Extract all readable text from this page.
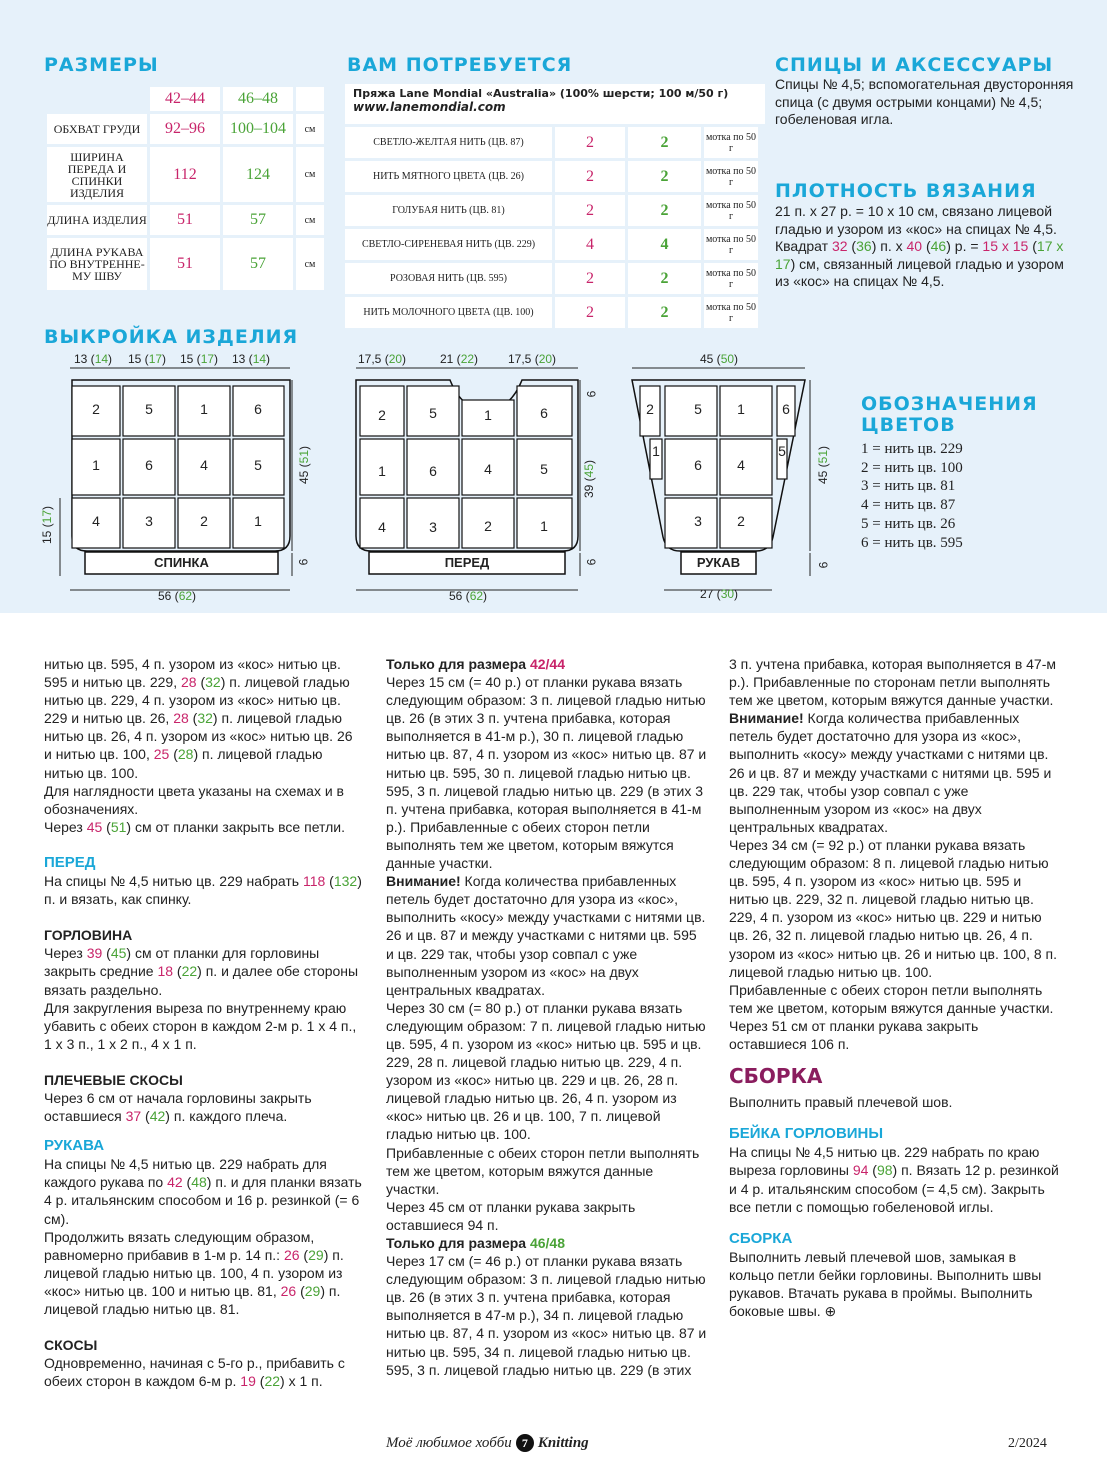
РАЗМЕРЫ
	42–44	46–48	
ОБХВАТ ГРУДИ	92–96	100–104	см
ШИРИНА ПЕРЕДА И СПИНКИ ИЗДЕЛИЯ	112	124	см
ДЛИНА ИЗДЕЛИЯ	51	57	см
ДЛИНА РУКАВА ПО ВНУТРЕННЕ-МУ ШВУ	51	57	см
ВАМ ПОТРЕБУЕТСЯ
Пряжа Lane Mondial «Australia» (100% шерсти; 100 м/50 г)
www.lanemondial.com
СВЕТЛО-ЖЕЛТАЯ НИТЬ (ЦВ. 87)	2	2	мотка по 50 г
НИТЬ МЯТНОГО ЦВЕТА (ЦВ. 26)	2	2	мотка по 50 г
ГОЛУБАЯ НИТЬ (ЦВ. 81)	2	2	мотка по 50 г
СВЕТЛО-СИРЕНЕВАЯ НИТЬ (ЦВ. 229)	4	4	мотка по 50 г
РОЗОВАЯ НИТЬ (ЦВ. 595)	2	2	мотка по 50 г
НИТЬ МОЛОЧНОГО ЦВЕТА (ЦВ. 100)	2	2	мотка по 50 г
СПИЦЫ И АКСЕССУАРЫ
Спицы № 4,5; вспомогательная двусторонняя спица (с двумя острыми концами) № 4,5; гобеленовая игла.
ПЛОТНОСТЬ ВЯЗАНИЯ
21 п. х 27 р. = 10 х 10 см, связано лицевой гладью и узором из «кос» на спицах № 4,5.
Квадрат 32 (36) п. х 40 (46) р. = 15 х 15 (17 х 17) см, связанный лицевой гладью и узором из «кос» на спицах № 4,5.
ОБОЗНАЧЕНИЯ ЦВЕТОВ
1 = нить цв. 229
2 = нить цв. 100
3 = нить цв. 81
4 = нить цв. 87
5 = нить цв. 26
6 = нить цв. 595
ВЫКРОЙКА ИЗДЕЛИЯ
2	5	1	6
1	6	4	5
4	3	2	1
2	5	1	6
1	6	4	5
4	3	2	1
2	5	1	6
1
6	4
5
3	2
СПИНКА	ПЕРЕД	РУКАВ
13 (14) 15 (17) 15 (17) 13 (14)	17,5 (20)	21 (22) 17,5 (20)	45 (50)
56 (62)	56 (62)	27 (30)
45 (51)
39 (45)
45 (51)
15 (17)
6
6
6	6

нитью цв. 595, 4 п. узором из «кос» нитью цв. 595 и нитью цв. 229, 28 (32) п. лицевой гладью нитью цв. 229, 4 п. узором из «кос» нитью цв. 229 и нитью цв. 26, 28 (32) п. лицевой гладью нитью цв. 26, 4 п. узором из «кос» нитью цв. 26 и нитью цв. 100, 25 (28) п. лицевой гладью нитью цв. 100.

Для наглядности цвета указаны на схемах и в обозначениях.

Через 45 (51) см от планки закрыть все петли.

ПЕРЕД

На спицы № 4,5 нитью цв. 229 набрать 118 (132) п. и вязать, как спинку.

ГОРЛОВИНА

Через 39 (45) см от планки для горловины закрыть средние 18 (22) п. и далее обе стороны вязать раздельно.

Для закругления выреза по внутреннему краю убавить с обеих сторон в каждом 2-м р. 1 х 4 п., 1 х 3 п., 1 х 2 п., 4 х 1 п.

ПЛЕЧЕВЫЕ СКОСЫ

Через 6 см от начала горловины закрыть оставшиеся 37 (42) п. каждого плеча.

РУКАВА

На спицы № 4,5 нитью цв. 229 набрать для каждого рукава по 42 (48) п. и для планки вязать 4 р. итальянским способом и 16 р. резинкой (= 6 см).

Продолжить вязать следующим образом, равномерно прибавив в 1-м р. 14 п.: 26 (29) п. лицевой гладью нитью цв. 100, 4 п. узором из «кос» нитью цв. 100 и нитью цв. 81, 26 (29) п. лицевой гладью нитью цв. 81.

СКОСЫ

Одновременно, начиная с 5-го р., прибавить с обеих сторон в каждом 6-м р. 19 (22) х 1 п.

Только для размера 42/44

Через 15 см (= 40 р.) от планки рукава вязать следующим образом: 3 п. лицевой гладью нитью цв. 26 (в этих 3 п. учтена прибавка, которая выполняется в 41-м р.), 30 п. лицевой гладью нитью цв. 87, 4 п. узором из «кос» нитью цв. 87 и нитью цв. 595, 30 п. лицевой гладью нитью цв. 595, 3 п. лицевой гладью нитью цв. 229 (в этих 3 п. учтена прибавка, которая выполняется в 41-м р.). Прибавленные с обеих сторон петли выполнять тем же цветом, которым вяжутся данные участки.

Внимание! Когда количества прибавленных петель будет достаточно для узора из «кос», выполнить «косу» между участками с нитями цв. 26 и цв. 87 и между участками с нитями цв. 595 и цв. 229 так, чтобы узор совпал с уже выполненным узором из «кос» на двух центральных квадратах.

Через 30 см (= 80 р.) от планки рукава вязать следующим образом: 7 п. лицевой гладью нитью цв. 595, 4 п. узором из «кос» нитью цв. 595 и цв. 229, 28 п. лицевой гладью нитью цв. 229, 4 п. узором из «кос» нитью цв. 229 и цв. 26, 28 п. лицевой гладью нитью цв. 26, 4 п. узором из «кос» нитью цв. 26 и цв. 100, 7 п. лицевой гладью нитью цв. 100.

Прибавленные с обеих сторон петли выполнять тем же цветом, которым вяжутся данные участки.

Через 45 см от планки рукава закрыть оставшиеся 94 п.

Только для размера 46/48

Через 17 см (= 46 р.) от планки рукава вязать следующим образом: 3 п. лицевой гладью нитью цв. 26 (в этих 3 п. учтена прибавка, которая выполняется в 47-м р.), 34 п. лицевой гладью нитью цв. 87, 4 п. узором из «кос» нитью цв. 87 и нитью цв. 595, 34 п. лицевой гладью нитью цв. 595, 3 п. лицевой гладью нитью цв. 229 (в этих

3 п. учтена прибавка, которая выполняется в 47-м р.). Прибавленные по сторонам петли выполнять тем же цветом, которым вяжутся данные участки.

Внимание! Когда количества прибавленных петель будет достаточно для узора из «кос», выполнить «косу» между участками с нитями цв. 26 и цв. 87 и между участками с нитями цв. 595 и цв. 229 так, чтобы узор совпал с уже выполненным узором из «кос» на двух центральных квадратах.

Через 34 см (= 92 р.) от планки рукава вязать следующим образом: 8 п. лицевой гладью нитью цв. 595, 4 п. узором из «кос» нитью цв. 595 и нитью цв. 229, 32 п. лицевой гладью нитью цв. 229, 4 п. узором из «кос» нитью цв. 229 и нитью цв. 26, 32 п. лицевой гладью нитью цв. 26, 4 п. узором из «кос» нитью цв. 26 и нитью цв. 100, 8 п. лицевой гладью нитью цв. 100.

Прибавленные с обеих сторон петли выполнять тем же цветом, которым вяжутся данные участки.

Через 51 см от планки рукава закрыть оставшиеся 106 п.

СБОРКА

Выполнить правый плечевой шов.

БЕЙКА ГОРЛОВИНЫ

На спицы № 4,5 нитью цв. 229 набрать по краю выреза горловины 94 (98) п. Вязать 12 р. резинкой и 4 р. итальянским способом (= 4,5 см). Закрыть все петли с помощью гобеленовой иглы.

СБОРКА

Выполнить левый плечевой шов, замыкая в кольцо петли бейки горловины. Выполнить швы рукавов. Втачать рукава в проймы. Выполнить боковые швы. ⊕

Моё любимое хобби 7 Knitting	2/2024
